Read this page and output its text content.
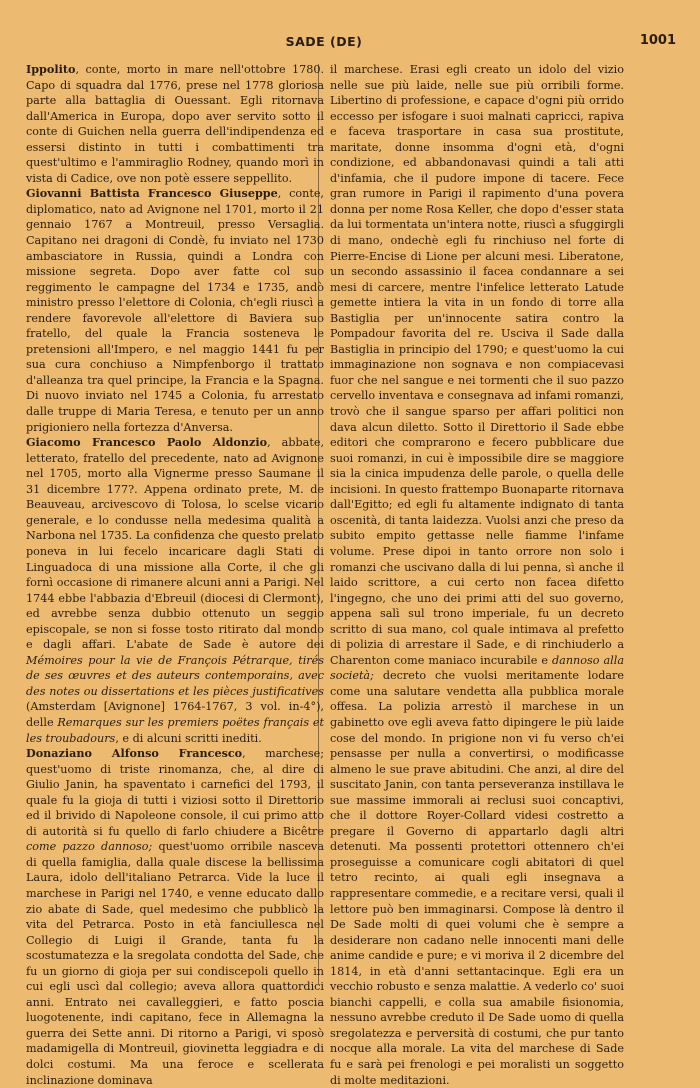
SADE (DE)	1001

Ippolito, conte, morto in mare nell'ottobre 1780. Capo di squadra dal 1776, prese nel 1778 gloriosa parte alla battaglia di Ouessant. Egli ritornava dall'America in Europa, dopo aver servito sotto il conte di Guichen nella guerra dell'indipendenza ed essersi distinto in tutti i combattimenti tra quest'ultimo e l'ammiraglio Rodney, quando morì in vista di Cadice, ove non potè essere seppellito.

Giovanni Battista Francesco Giuseppe, conte, diplomatico, nato ad Avignone nel 1701, morto il 21 gennaio 1767 a Montreuil, presso Versaglia. Capitano nei dragoni di Condè, fu inviato nel 1730 ambasciatore in Russia, quindi a Londra con missione segreta. Dopo aver fatte col suo reggimento le campagne del 1734 e 1735, andò ministro presso l'elettore di Colonia, ch'egli riuscì a rendere favorevole all'elettore di Baviera suo fratello, del quale la Francia sosteneva le pretensioni all'Impero, e nel maggio 1441 fu per sua cura conchiuso a Nimpfenborgo il trattato d'alleanza tra quel principe, la Francia e la Spagna. Di nuovo inviato nel 1745 a Colonia, fu arrestato dalle truppe di Maria Teresa, e tenuto per un anno prigioniero nella fortezza d'Anversa.

Giacomo Francesco Paolo Aldonzio, abbate, letterato, fratello del precedente, nato ad Avignone nel 1705, morto alla Vignerme presso Saumane il 31 dicembre 177?. Appena ordinato prete, M. de Beauveau, arcivescovo di Tolosa, lo scelse vicario generale, e lo condusse nella medesima qualità a Narbona nel 1735. La confidenza che questo prelato poneva in lui fecelo incaricare dagli Stati di Linguadoca di una missione alla Corte, il che gli fornì occasione di rimanere alcuni anni a Parigi. Nel 1744 ebbe l'abbazia d'Ebreuil (diocesi di Clermont), ed avrebbe senza dubbio ottenuto un seggio episcopale, se non si fosse tosto ritirato dal mondo e dagli affari. L'abate de Sade è autore dei Mémoires pour la vie de François Pétrarque, tirés de ses œuvres et des auteurs contemporains, avec des notes ou dissertations et les pièces justificatives (Amsterdam [Avignone] 1764-1767, 3 vol. in-4°), delle Remarques sur les premiers poëtes français et les troubadours, e di alcuni scritti inediti.

Donaziano Alfonso Francesco, marchese; quest'uomo di triste rinomanza, che, al dire di Giulio Janin, ha spaventato i carnefici del 1793, il quale fu la gioja di tutti i viziosi sotto il Direttorio ed il brivido di Napoleone console, il cui primo atto di autorità si fu quello di farlo chiudere a Bicêtre come pazzo dannoso; quest'uomo orribile nasceva di quella famiglia, dalla quale discese la bellissima Laura, idolo dell'italiano Petrarca. Vide la luce il marchese in Parigi nel 1740, e venne educato dallo zio abate di Sade, quel medesimo che pubblicò la vita del Petrarca. Posto in età fanciullesca nel Collegio di Luigi il Grande, tanta fu la scostumatezza e la sregolata condotta del Sade, che fu un giorno di gioja per sui condiscepoli quello in cui egli uscì dal collegio; aveva allora quattordici anni. Entrato nei cavalleggieri, e fatto poscia luogotenente, indi capitano, fece in Allemagna la guerra dei Sette anni. Di ritorno a Parigi, vi sposò madamigella di Montreuil, giovinetta leggiadra e di dolci costumi. Ma una feroce e scellerata inclinazione dominava

il marchese. Erasi egli creato un idolo del vizio nelle sue più laide, nelle sue più orribili forme. Libertino di professione, e capace d'ogni più orrido eccesso per isfogare i suoi malnati capricci, rapiva e faceva trasportare in casa sua prostitute, maritate, donne insomma d'ogni età, d'ogni condizione, ed abbandonavasi quindi a tali atti d'infamia, che il pudore impone di tacere. Fece gran rumore in Parigi il rapimento d'una povera donna per nome Rosa Keller, che dopo d'esser stata da lui tormentata un'intera notte, riuscì a sfuggirgli di mano, ondechè egli fu rinchiuso nel forte di Pierre-Encise di Lione per alcuni mesi. Liberatone, un secondo assassinio il facea condannare a sei mesi di carcere, mentre l'infelice letterato Latude gemette intiera la vita in un fondo di torre alla Bastiglia per un'innocente satira contro la Pompadour favorita del re. Usciva il Sade dalla Bastiglia in principio del 1790; e quest'uomo la cui immaginazione non sognava e non compiacevasi fuor che nel sangue e nei tormenti che il suo pazzo cervello inventava e consegnava ad infami romanzi, trovò che il sangue sparso per affari politici non dava alcun diletto. Sotto il Direttorio il Sade ebbe editori che comprarono e fecero pubblicare due suoi romanzi, in cui è impossibile dire se maggiore sia la cinica impudenza delle parole, o quella delle incisioni. In questo frattempo Buonaparte ritornava dall'Egitto; ed egli fu altamente indignato di tanta oscenità, di tanta laidezza. Vuolsi anzi che preso da subito empito gettasse nelle fiamme l'infame volume. Prese dipoi in tanto orrore non solo i romanzi che uscivano dalla di lui penna, sì anche il laido scrittore, a cui certo non facea difetto l'ingegno, che uno dei primi atti del suo governo, appena salì sul trono imperiale, fu un decreto scritto di sua mano, col quale intimava al prefetto di polizia di arrestare il Sade, e di rinchiuderlo a Charenton come maniaco incurabile e dannoso alla società; decreto che vuolsi meritamente lodare come una salutare vendetta alla pubblica morale offesa. La polizia arrestò il marchese in un gabinetto ove egli aveva fatto dipingere le più laide cose del mondo. In prigione non vi fu verso ch'ei pensasse per nulla a convertirsi, o modificasse almeno le sue prave abitudini. Che anzi, al dire del suscitato Janin, con tanta perseveranza instillava le sue massime immorali ai reclusi suoi concaptivi, che il dottore Royer-Collard videsi costretto a pregare il Governo di appartarlo dagli altri detenuti. Ma possenti protettori ottennero ch'ei proseguisse a comunicare cogli abitatori di quel tetro recinto, ai quali egli insegnava a rappresentare commedie, e a recitare versi, quali il lettore può ben immaginarsi. Compose là dentro il De Sade molti di quei volumi che è sempre a desiderare non cadano nelle innocenti mani delle anime candide e pure; e vi moriva il 2 dicembre del 1814, in età d'anni settantacinque. Egli era un vecchio robusto e senza malattie. A vederlo co' suoi bianchi cappelli, e colla sua amabile fisionomia, nessuno avrebbe creduto il De Sade uomo di quella sregolatezza e perversità di costumi, che pur tanto nocque alla morale. La vita del marchese di Sade fu e sarà pei frenologi e pei moralisti un soggetto di molte meditazioni.
